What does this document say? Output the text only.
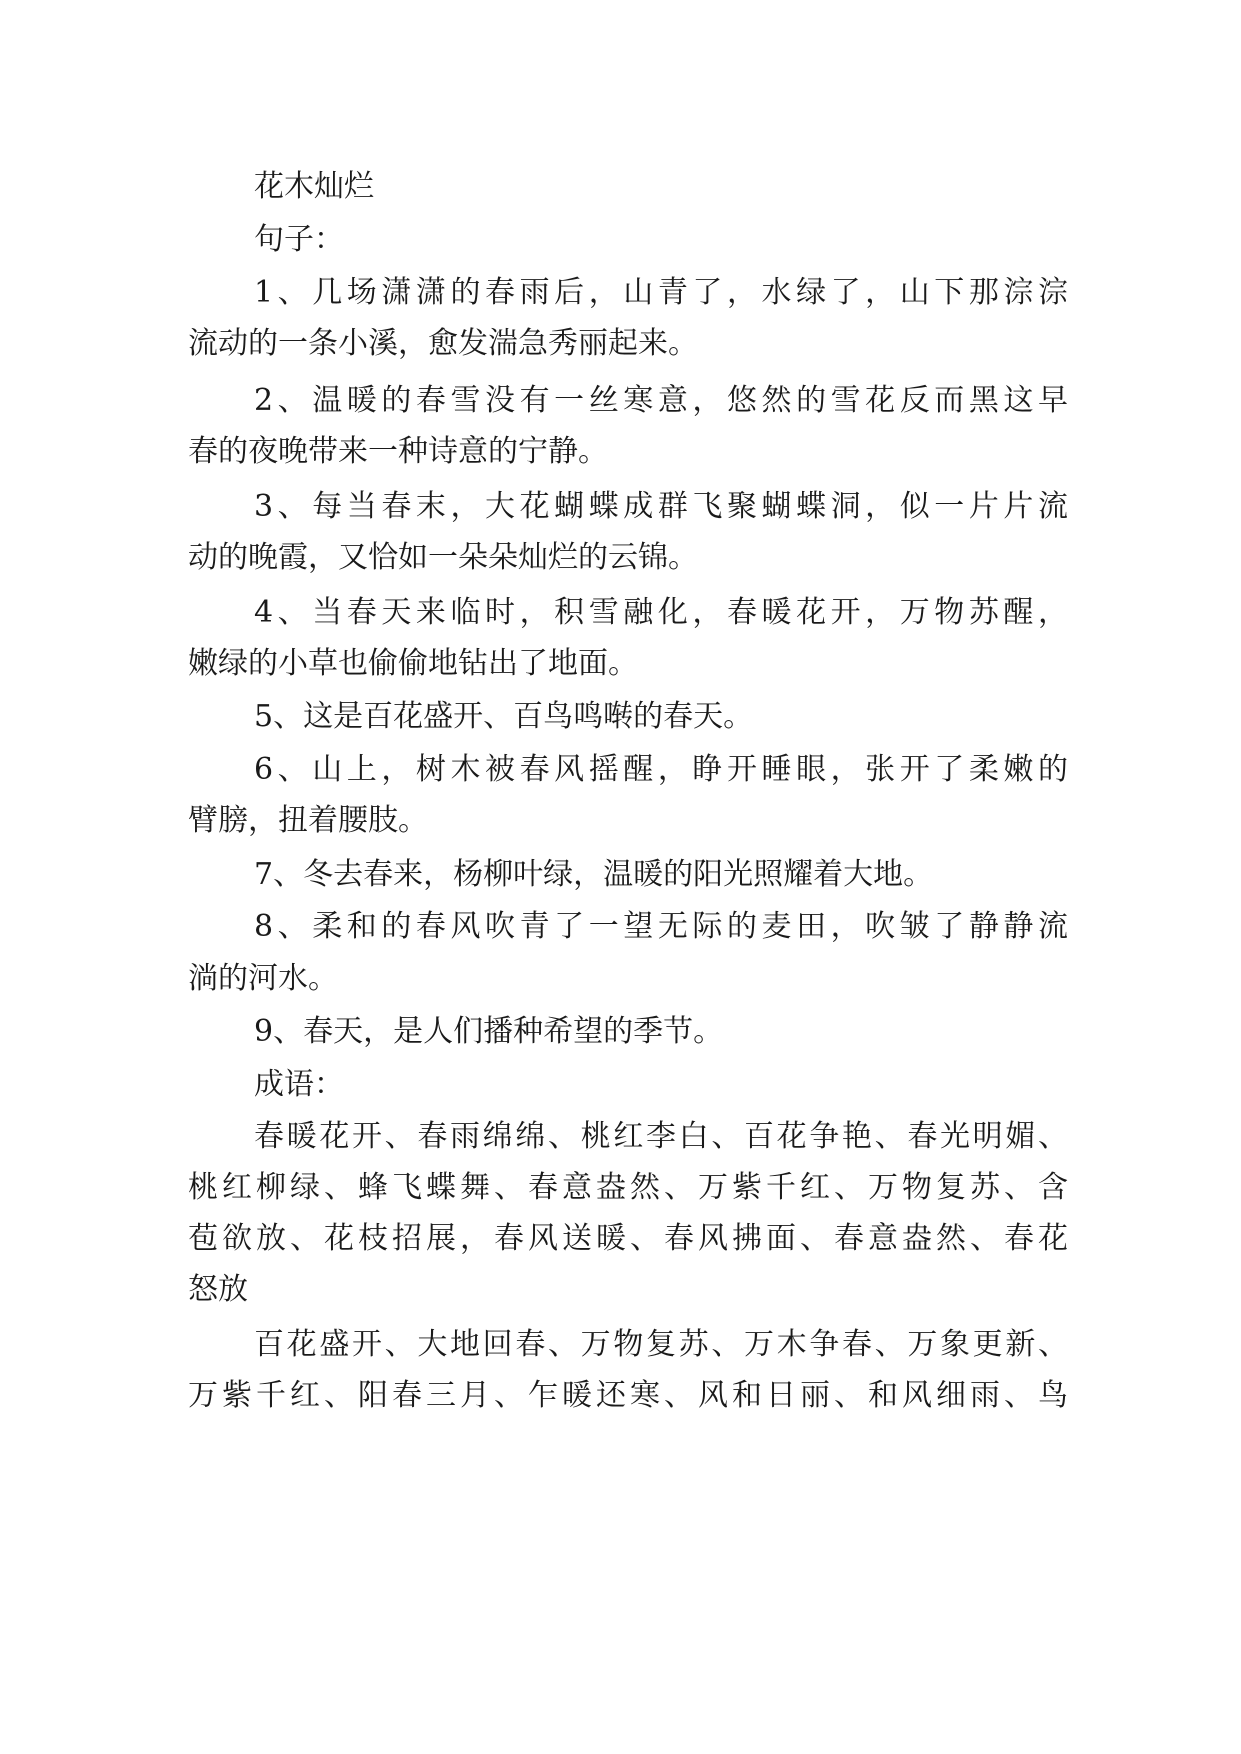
花木灿烂

句子：

1、几场潇潇的春雨后，山青了，水绿了，山下那淙淙

流动的一条小溪，愈发湍急秀丽起来。

2、温暖的春雪没有一丝寒意，悠然的雪花反而黑这早

春的夜晚带来一种诗意的宁静。

3、每当春末，大花蝴蝶成群飞聚蝴蝶洞，似一片片流

动的晚霞，又恰如一朵朵灿烂的云锦。

4、当春天来临时，积雪融化，春暖花开，万物苏醒，

嫩绿的小草也偷偷地钻出了地面。

5、这是百花盛开、百鸟鸣啭的春天。

6、山上，树木被春风摇醒，睁开睡眼，张开了柔嫩的

臂膀，扭着腰肢。

7、冬去春来，杨柳叶绿，温暖的阳光照耀着大地。

8、柔和的春风吹青了一望无际的麦田，吹皱了静静流

淌的河水。

9、春天，是人们播种希望的季节。

成语：

春暖花开、春雨绵绵、桃红李白、百花争艳、春光明媚、

桃红柳绿、蜂飞蝶舞、春意盎然、万紫千红、万物复苏、含

苞欲放、花枝招展，春风送暖、春风拂面、春意盎然、春花

怒放

百花盛开、大地回春、万物复苏、万木争春、万象更新、

万紫千红、阳春三月、乍暖还寒、风和日丽、和风细雨、鸟
